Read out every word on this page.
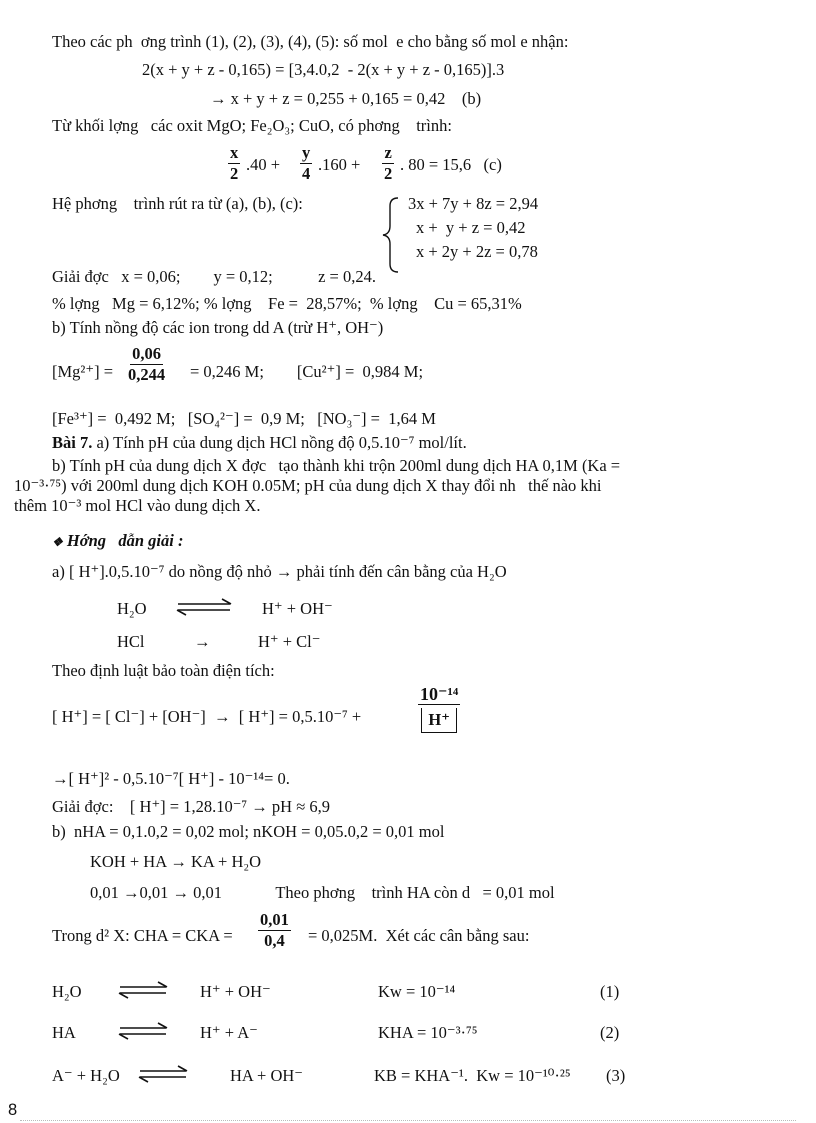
Theo các ph  ơng trình (1), (2), (3), (4), (5): số mol  e cho bằng số mol e nhận:
2(x + y + z - 0,165) = [3,4.0,2  - 2(x + y + z - 0,165)].3
→ x + y + z = 0,255 + 0,165 = 0,42    (b)
Từ khối lợng   các oxit MgO; Fe₂O₃; CuO, có phơng    trình:
$\frac{x}{2} .40 + \frac{y}{4} .160 + \frac{z}{2}$ . 80 = 15,6   (c)
Hệ phơng    trình rút ra từ (a), (b), (c):	3x + 7y + 8z = 2,94
x +  y + z = 0,42
x + 2y + 2z = 0,78
Giải đợc   x = 0,06;        y = 0,12;           z = 0,24.
% lợng   Mg = 6,12%; % lợng    Fe =  28,57%;  % lợng    Cu = 65,31%
b) Tính nồng độ các ion trong dd A (trừ H⁺, OH⁻)
$[Mg^{2+}] = \frac{0,06}{0,244} = 0,246$ M;        [Cu²⁺] =  0,984 M;
[Fe³⁺] =  0,492 M;   [SO₄²⁻] =  0,9 M;   [NO₃⁻] =  1,64 M
Bài 7. a) Tính pH của dung dịch HCl nồng độ 0,5.10⁻⁷ mol/lít.
b) Tính pH của dung dịch X đợc   tạo thành khi trộn 200ml dung dịch HA 0,1M (Ka =
10⁻³·⁷⁵) với 200ml dung dịch KOH 0.05M; pH của dung dịch X thay đổi nh   thế nào khi
thêm 10⁻³ mol HCl vào dung dịch X.
❖ Hớng   dẫn giải :
a) [ H⁺].0,5.10⁻⁷ do nồng độ nhỏ → phải tính đến cân bằng của H₂O
H₂O	H⁺ + OH⁻
HCl	→	H⁺ + Cl⁻
Theo định luật bảo toàn điện tích:
[ H⁺] = [ Cl⁻] + [OH⁻]  →  [ H⁺] = 0,5.10⁻⁷ +	$\frac{\text{10⁻¹⁴}}{H^+}$
→[ H⁺]² - 0,5.10⁻⁷[ H⁺] - 10⁻¹⁴= 0.
Giải đợc:    [ H⁺] = 1,28.10⁻⁷ → pH ≈ 6,9
b)  nHA = 0,1.0,2 = 0,02 mol; nKOH = 0,05.0,2 = 0,01 mol
KOH + HA → KA + H₂O
0,01 →0,01 → 0,01             Theo phơng    trình HA còn d   = 0,01 mol
Trong d² X: CHA = CKA = $\frac{0,01}{0,4} = 0,025M$.  Xét các cân bằng sau:
H₂O	H⁺ + OH⁻	Kw = 10⁻¹⁴	(1)
HA	H⁺ + A⁻	KHA = 10⁻³·⁷⁵	(2)
A⁻ + H₂O ⇌ HA + OH⁻	KB = KHA⁻¹.  Kw = 10⁻¹⁰·²⁵ (3)
8
